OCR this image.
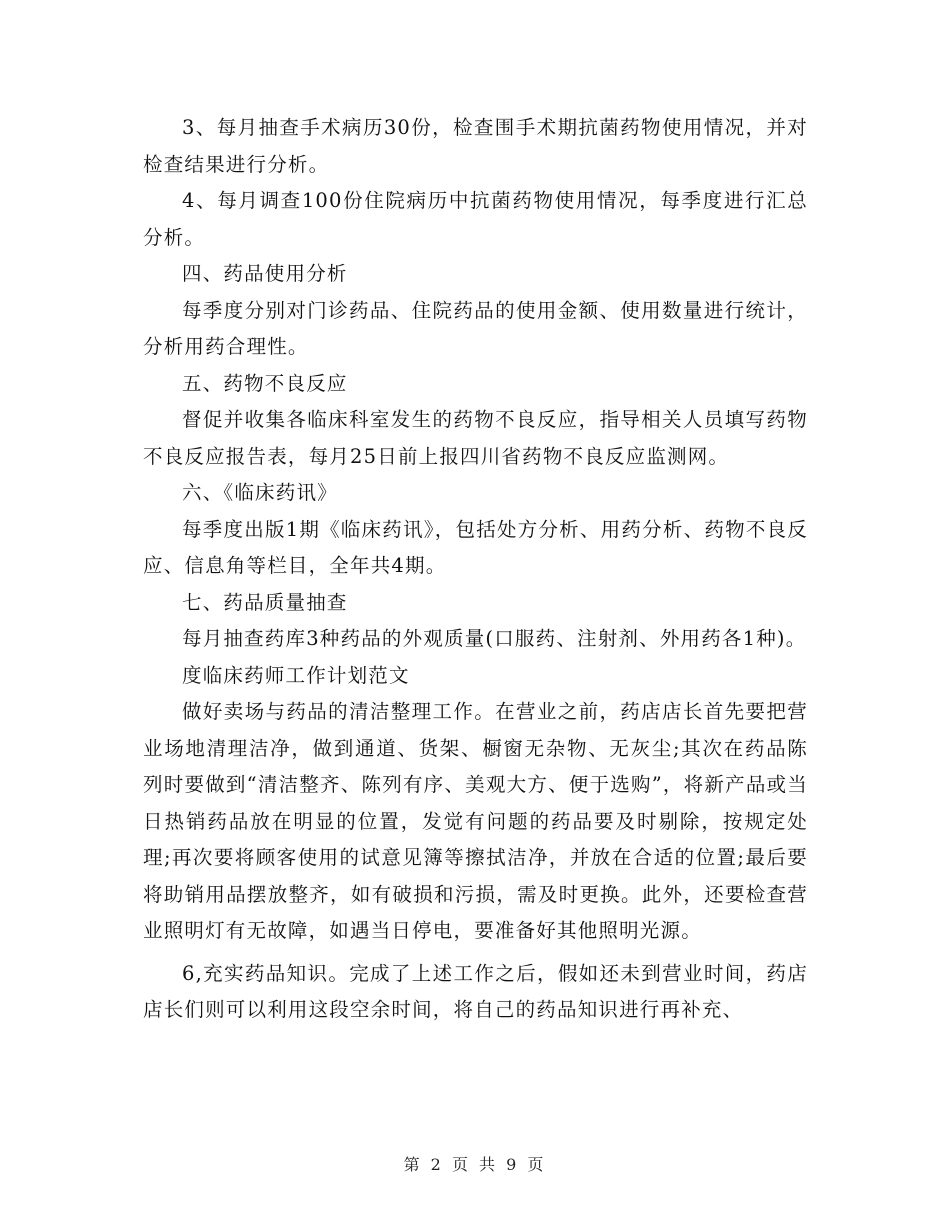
3、每月抽查手术病历30份，检查围手术期抗菌药物使用情况，并对检查结果进行分析。

4、每月调查100份住院病历中抗菌药物使用情况，每季度进行汇总分析。

四、药品使用分析

每季度分别对门诊药品、住院药品的使用金额、使用数量进行统计，分析用药合理性。

五、药物不良反应

督促并收集各临床科室发生的药物不良反应，指导相关人员填写药物不良反应报告表，每月25日前上报四川省药物不良反应监测网。

六、《临床药讯》

每季度出版1期《临床药讯》，包括处方分析、用药分析、药物不良反应、信息角等栏目，全年共4期。

七、药品质量抽查

每月抽查药库3种药品的外观质量(口服药、注射剂、外用药各1种)。

度临床药师工作计划范文

做好卖场与药品的清洁整理工作。在营业之前，药店店长首先要把营业场地清理洁净，做到通道、货架、橱窗无杂物、无灰尘;其次在药品陈列时要做到“清洁整齐、陈列有序、美观大方、便于选购”，将新产品或当日热销药品放在明显的位置，发觉有问题的药品要及时剔除，按规定处理;再次要将顾客使用的试意见簿等擦拭洁净，并放在合适的位置;最后要将助销用品摆放整齐，如有破损和污损，需及时更换。此外，还要检查营业照明灯有无故障，如遇当日停电，要准备好其他照明光源。

6,充实药品知识。完成了上述工作之后，假如还未到营业时间，药店店长们则可以利用这段空余时间，将自己的药品知识进行再补充、

第 2 页 共 9 页
